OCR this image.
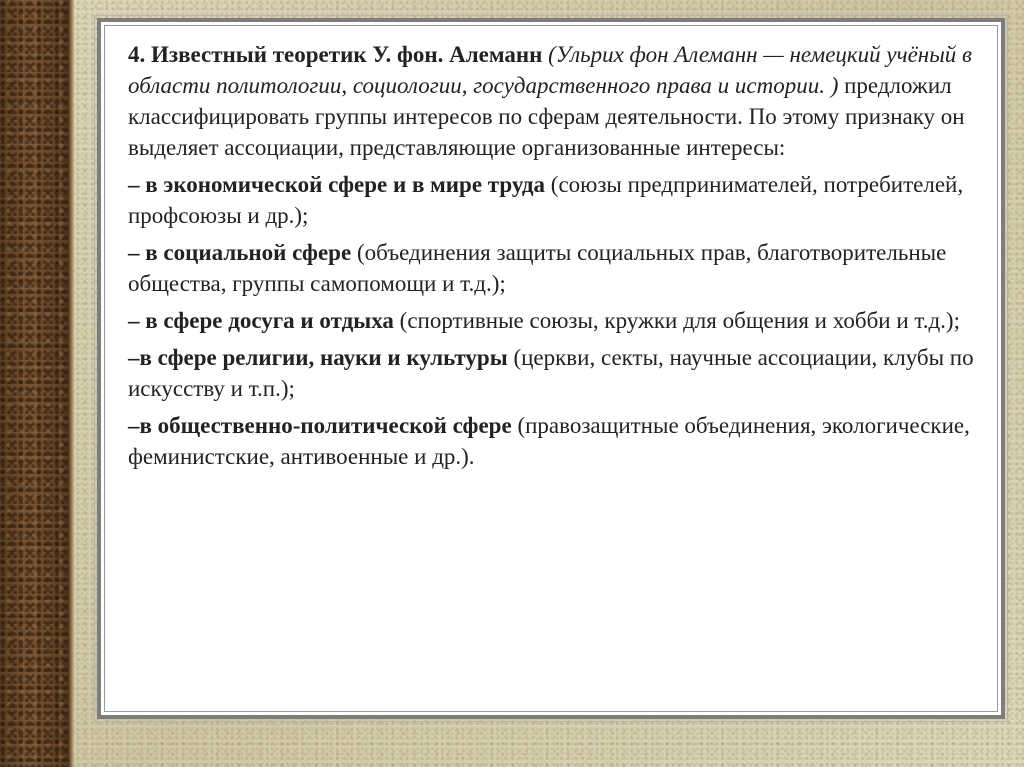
4. Известный теоретик У. фон. Алеманн (Ульрих фон Алеманн — немецкий учёный в области политологии, социологии, государственного права и истории. ) предложил классифицировать группы интересов по сферам деятельности. По этому признаку он выделяет ассоциации, представляющие организованные интересы:

– в экономической сфере и в мире труда (союзы предпринимателей, потребителей, профсоюзы и др.);

– в социальной сфере (объединения защиты социальных прав, благотворительные общества, группы самопомощи и т.д.);

– в сфере досуга и отдыха (спортивные союзы, кружки для общения и хобби и т.д.);

–в сфере религии, науки и культуры (церкви, секты, научные ассоциации, клубы по искусству и т.п.);

–в общественно-политической сфере (правозащитные объединения, экологические, феминистские, антивоенные и др.).
